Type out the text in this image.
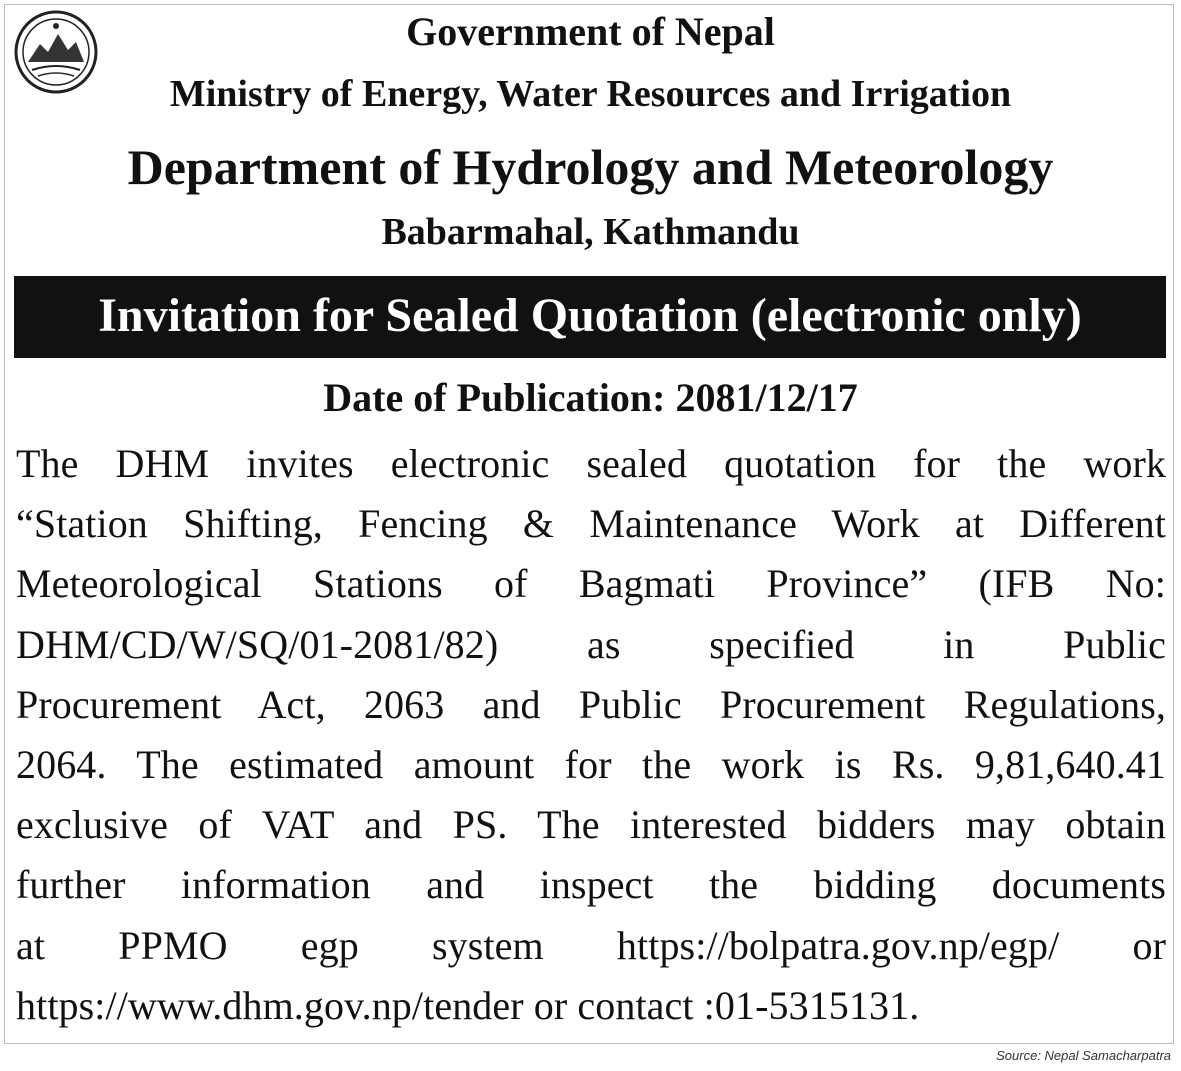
Government of Nepal
Ministry of Energy, Water Resources and Irrigation
Department of Hydrology and Meteorology
Babarmahal, Kathmandu
Invitation for Sealed Quotation (electronic only)
Date of Publication: 2081/12/17
The DHM invites electronic sealed quotation for the work
“Station Shifting, Fencing & Maintenance Work at Different
Meteorological Stations of Bagmati Province” (IFB No:
DHM/CD/W/SQ/01-2081/82) as specified in Public
Procurement Act, 2063 and Public Procurement Regulations,
2064. The estimated amount for the work is Rs. 9,81,640.41
exclusive of VAT and PS. The interested bidders may obtain
further information and inspect the bidding documents
at PPMO egp system https://bolpatra.gov.np/egp/ or
https://www.dhm.gov.np/tender or contact :01-5315131.
Source: Nepal Samacharpatra
